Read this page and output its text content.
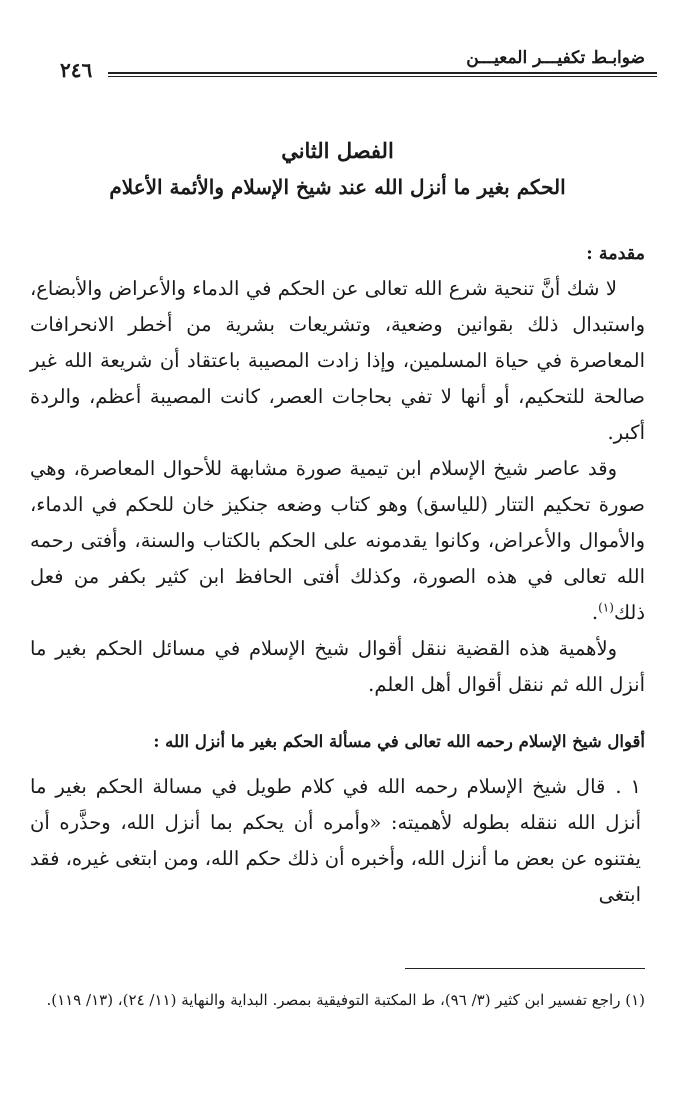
ضوابـط تكفيـــر المعيـــن
٢٤٦
الفصل الثاني
الحكم بغير ما أنزل الله عند شيخ الإسلام والأئمة الأعلام
مقدمة :

لا شك أنَّ تنحية شرع الله تعالى عن الحكم في الدماء والأعراض والأبضاع، واستبدال ذلك بقوانين وضعية، وتشريعات بشرية من أخطر الانحرافات المعاصرة في حياة المسلمين، وإذا زادت المصيبة باعتقاد أن شريعة الله غير صالحة للتحكيم، أو أنها لا تفي بحاجات العصر، كانت المصيبة أعظم، والردة أكبر.

وقد عاصر شيخ الإسلام ابن تيمية صورة مشابهة للأحوال المعاصرة، وهي صورة تحكيم التتار (للياسق) وهو كتاب وضعه جنكيز خان للحكم في الدماء، والأموال والأعراض، وكانوا يقدمونه على الحكم بالكتاب والسنة، وأفتى رحمه الله تعالى في هذه الصورة، وكذلك أفتى الحافظ ابن كثير بكفر من فعل ذلك$^{(١)}$.

ولأهمية هذه القضية ننقل أقوال شيخ الإسلام في مسائل الحكم بغير ما أنزل الله ثم ننقل أقوال أهل العلم.

أقوال شيخ الإسلام رحمه الله تعالى في مسألة الحكم بغير ما أنزل الله :
١ .قال شيخ الإسلام رحمه الله في كلام طويل في مسالة الحكم بغير ما أنزل الله ننقله بطوله لأهميته: «وأمره أن يحكم بما أنزل الله، وحذَّره أن يفتنوه عن بعض ما أنزل الله، وأخبره أن ذلك حكم الله، ومن ابتغى غيره، فقد ابتغى
(١) راجع تفسير ابن كثير (٣/ ٩٦)، ط المكتبة التوفيقية بمصر. البداية والنهاية (١١/ ٢٤)، (١٣/ ١١٩).
